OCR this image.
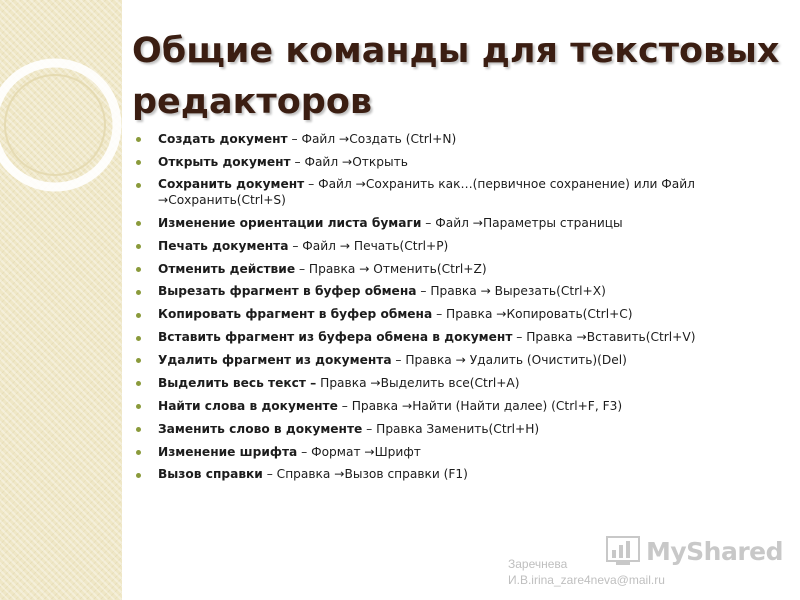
Общие команды для текстовых редакторов
Создать документ – Файл →Создать (Ctrl+N)
Открыть документ – Файл →Открыть
Сохранить документ – Файл →Сохранить как…(первичное сохранение) или Файл →Сохранить(Ctrl+S)
Изменение ориентации листа бумаги – Файл →Параметры страницы
Печать документа – Файл → Печать(Ctrl+P)
Отменить действие – Правка → Отменить(Ctrl+Z)
Вырезать фрагмент в буфер обмена – Правка → Вырезать(Ctrl+X)
Копировать фрагмент в буфер обмена – Правка →Копировать(Ctrl+C)
Вставить фрагмент из буфера обмена в документ – Правка →Вставить(Ctrl+V)
Удалить фрагмент из документа – Правка → Удалить (Очистить)(Del)
Выделить весь текст – Правка →Выделить все(Ctrl+A)
Найти слова в документе – Правка →Найти (Найти далее) (Ctrl+F, F3)
Заменить слово в документе – Правка Заменить(Ctrl+H)
Изменение шрифта – Формат →Шрифт
Вызов справки – Справка →Вызов справки (F1)
Заречнева
И.В.irina_zare4neva@mail.ru
MyShared
